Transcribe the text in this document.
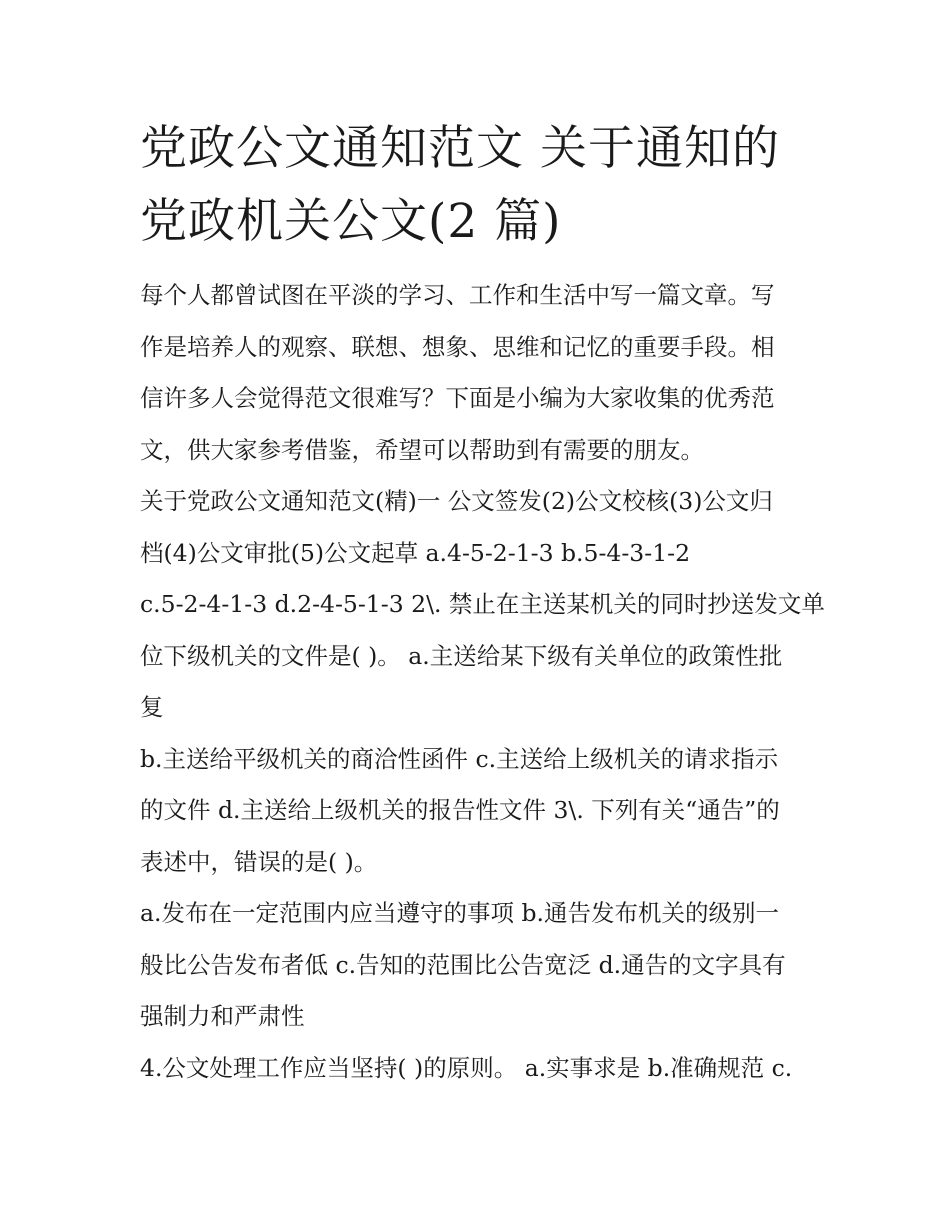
党政公文通知范文 关于通知的
党政机关公文(2 篇)

每个人都曾试图在平淡的学习、工作和生活中写一篇文章。写
作是培养人的观察、联想、想象、思维和记忆的重要手段。相
信许多人会觉得范文很难写？下面是小编为大家收集的优秀范
文，供大家参考借鉴，希望可以帮助到有需要的朋友。

关于党政公文通知范文(精)一 公文签发(2)公文校核(3)公文归
档(4)公文审批(5)公文起草 a.4-5-2-1-3 b.5-4-3-1-2
c.5-2-4-1-3 d.2-4-5-1-3 2\. 禁止在主送某机关的同时抄送发文单
位下级机关的文件是( )。 a.主送给某下级有关单位的政策性批
复

b.主送给平级机关的商洽性函件 c.主送给上级机关的请求指示
的文件 d.主送给上级机关的报告性文件 3\. 下列有关“通告”的
表述中，错误的是( )。

a.发布在一定范围内应当遵守的事项 b.通告发布机关的级别一
般比公告发布者低 c.告知的范围比公告宽泛 d.通告的文字具有
强制力和严肃性

4.公文处理工作应当坚持( )的原则。 a.实事求是 b.准确规范 c.
